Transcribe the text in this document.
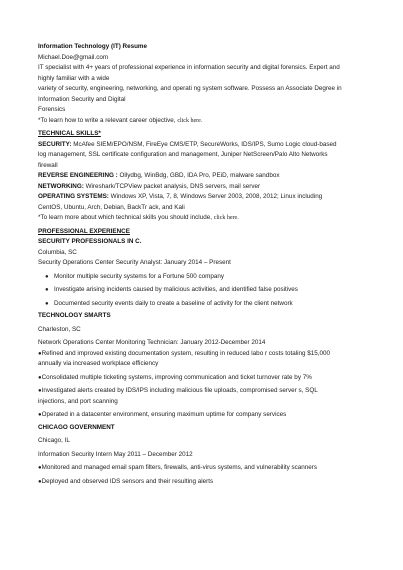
Information Technology (IT) Resume
Michael.Doe@gmail.com
IT specialist with 4+ years of professional experience in information security and digital forensics. Expert and
highly familiar with a wide
variety of security, engineering, networking, and operati ng system software. Possess an Associate Degree in
Information Security and Digital
Forensics
*To learn how to write a relevant career objective, click here.
TECHNICAL SKILLS*
SECURITY: McAfee SIEM/EPO/NSM, FireEye CMS/ETP, SecureWorks, IDS/IPS, Sumo Logic cloud-based
log management, SSL certificate configuration and management, Juniper NetScreen/Palo Alto Networks
firewall
REVERSE ENGINEERING : Ollydbg, WinBdg, GBD, IDA Pro, PEiD, malware sandbox
NETWORKING: Wireshark/TCPView packet analysis, DNS servers, mail server
OPERATING SYSTEMS: Windows XP, Vista, 7, 8, Windows Server 2003, 2008, 2012; Linux including
CentOS, Ubuntu, Arch, Debian, BackTr ack, and Kali
*To learn more about which technical skills you should include, click here.
PROFESSIONAL EXPERIENCE
SECURITY PROFESSIONALS IN C.
Columbia, SC
Security Operations Center Security Analyst: January 2014 – Present
● Monitor multiple security systems for a Fortune 500 company
● Investigate arising incidents caused by malicious activities, and identified false positives
● Documented security events daily to create a baseline of activity for the client network
TECHNOLOGY SMARTS
Charleston, SC
Network Operations Center Monitoring Technician: January 2012-December 2014
●Refined and improved existing documentation system, resulting in reduced labo r costs totaling $15,000
annually via increased workplace efficiency
●Consolidated multiple ticketing systems, improving communication and ticket turnover rate by 7%
●Investigated alerts created by IDS/IPS including malicious file uploads, compromised server s, SQL
injections, and port scanning
●Operated in a datacenter environment, ensuring maximum uptime for company services
CHICAGO GOVERNMENT
Chicago, IL
Information Security Intern May 2011 – December 2012
●Monitored and managed email spam filters, firewalls, anti-virus systems, and vulnerability scanners
●Deployed and observed IDS sensors and their resulting alerts
